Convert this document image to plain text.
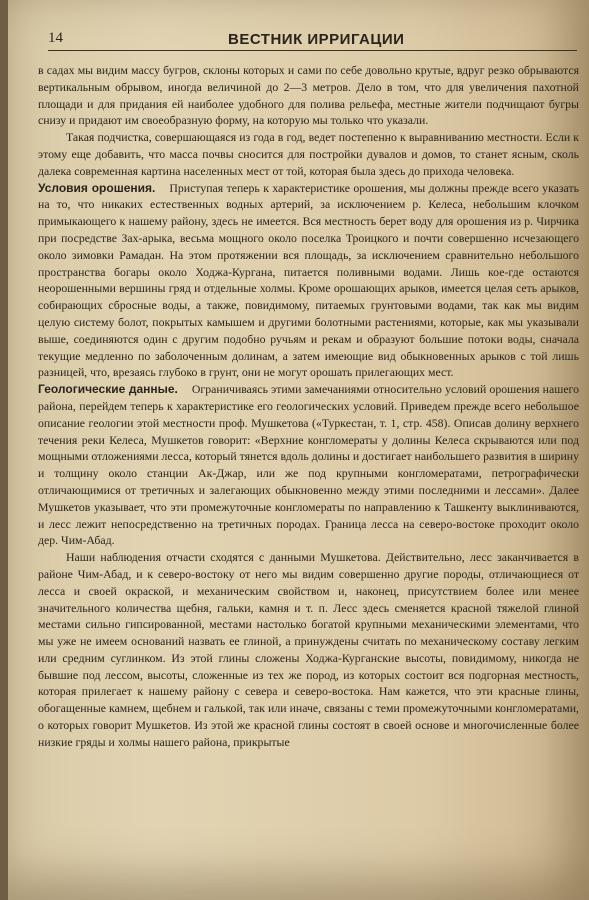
14	ВЕСТНИК ИРРИГАЦИИ

в садах мы видим массу бугров, склоны которых и сами по себе довольно крутые, вдруг резко обрываются вертикальным обрывом, иногда величиной до 2—3 метров. Дело в том, что для увеличения пахотной площади и для придания ей наиболее удобного для полива рельефа, местные жители подчищают бугры снизу и придают им своеобразную форму, на которую мы только что указали.

Такая подчистка, совершающаяся из года в год, ведет постепенно к выравниванию местности. Если к этому еще добавить, что масса почвы сносится для постройки дувалов и домов, то станет ясным, сколь далека современная картина населенных мест от той, которая была здесь до прихода человека.

Условия орошения. Приступая теперь к характеристике орошения, мы должны прежде всего указать на то, что никаких естественных водных артерий, за исключением р. Келеса, небольшим клочком примыкающего к нашему району, здесь не имеется. Вся местность берет воду для орошения из р. Чирчика при посредстве Зах-арыка, весьма мощного около поселка Троицкого и почти совершенно исчезающего около зимовки Рамадан. На этом протяжении вся площадь, за исключением сравнительно небольшого пространства богары около Ходжа-Кургана, питается поливными водами. Лишь кое-где остаются неорошенными вершины гряд и отдельные холмы. Кроме орошающих арыков, имеется целая сеть арыков, собирающих сбросные воды, а также, повидимому, питаемых грунтовыми водами, так как мы видим целую систему болот, покрытых камышем и другими болотными растениями, которые, как мы указывали выше, соединяются один с другим подобно ручьям и рекам и образуют большие потоки воды, сначала текущие медленно по заболоченным долинам, а затем имеющие вид обыкновенных арыков с той лишь разницей, что, врезаясь глубоко в грунт, они не могут орошать прилегающих мест.

Геологические данные. Ограничиваясь этими замечаниями относительно условий орошения нашего района, перейдем теперь к характеристике его геологических условий. Приведем прежде всего небольшое описание геологии этой местности проф. Мушкетова («Туркестан, т. 1, стр. 458). Описав долину верхнего течения реки Келеса, Мушкетов говорит: «Верхние конгломераты у долины Келеса скрываются или под мощными отложениями лесса, который тянется вдоль долины и достигает наибольшего развития в ширину и толщину около станции Ак-Джар, или же под крупными конгломератами, петрографически отличающимися от третичных и залегающих обыкновенно между этими последними и лессами». Далее Мушкетов указывает, что эти промежуточные конгломераты по направлению к Ташкенту выклиниваются, и лесс лежит непосредственно на третичных породах. Граница лесса на северо-востоке проходит около дер. Чим-Абад.

Наши наблюдения отчасти сходятся с данными Мушкетова. Действительно, лесс заканчивается в районе Чим-Абад, и к северо-востоку от него мы видим совершенно другие породы, отличающиеся от лесса и своей окраской, и механическим свойством и, наконец, присутствием более или менее значительного количества щебня, гальки, камня и т. п. Лесс здесь сменяется красной тяжелой глиной местами сильно гипсированной, местами настолько богатой крупными механическими элементами, что мы уже не имеем оснований назвать ее глиной, а принуждены считать по механическому составу легким или средним суглинком. Из этой глины сложены Ходжа-Курганские высоты, повидимому, никогда не бывшие под лессом, высоты, сложенные из тех же пород, из которых состоит вся подгорная местность, которая прилегает к нашему району с севера и северо-востока. Нам кажется, что эти красные глины, обогащенные камнем, щебнем и галькой, так или иначе, связаны с теми промежуточными конгломератами, о которых говорит Мушкетов. Из этой же красной глины состоят в своей основе и многочисленные более низкие гряды и холмы нашего района, прикрытые
